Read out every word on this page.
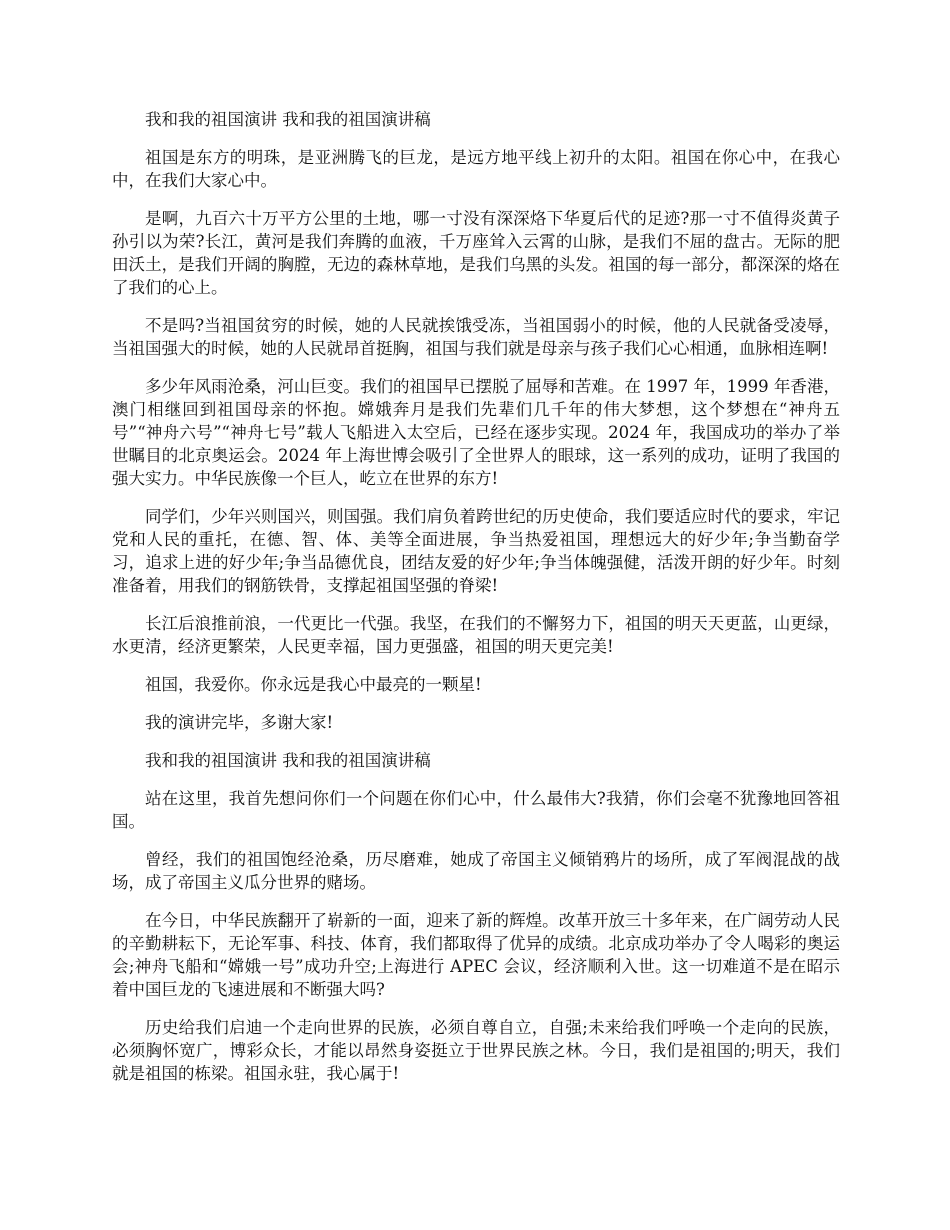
我和我的祖国演讲 我和我的祖国演讲稿

祖国是东方的明珠，是亚洲腾飞的巨龙，是远方地平线上初升的太阳。祖国在你心中，在我心中，在我们大家心中。

是啊，九百六十万平方公里的土地，哪一寸没有深深烙下华夏后代的足迹?那一寸不值得炎黄子孙引以为荣?长江，黄河是我们奔腾的血液，千万座耸入云霄的山脉，是我们不屈的盘古。无际的肥田沃土，是我们开阔的胸膛，无边的森林草地，是我们乌黑的头发。祖国的每一部分，都深深的烙在了我们的心上。

不是吗?当祖国贫穷的时候，她的人民就挨饿受冻，当祖国弱小的时候，他的人民就备受凌辱，当祖国强大的时候，她的人民就昂首挺胸，祖国与我们就是母亲与孩子我们心心相通，血脉相连啊!

多少年风雨沧桑，河山巨变。我们的祖国早已摆脱了屈辱和苦难。在 1997 年，1999 年香港，澳门相继回到祖国母亲的怀抱。嫦娥奔月是我们先辈们几千年的伟大梦想，这个梦想在“神舟五号”“神舟六号”“神舟七号”载人飞船进入太空后，已经在逐步实现。2024 年，我国成功的举办了举世瞩目的北京奥运会。2024 年上海世博会吸引了全世界人的眼球，这一系列的成功，证明了我国的强大实力。中华民族像一个巨人，屹立在世界的东方!

同学们，少年兴则国兴，则国强。我们肩负着跨世纪的历史使命，我们要适应时代的要求，牢记党和人民的重托，在德、智、体、美等全面进展，争当热爱祖国，理想远大的好少年;争当勤奋学习，追求上进的好少年;争当品德优良，团结友爱的好少年;争当体魄强健，活泼开朗的好少年。时刻准备着，用我们的钢筋铁骨，支撑起祖国坚强的脊梁!

长江后浪推前浪，一代更比一代强。我坚，在我们的不懈努力下，祖国的明天天更蓝，山更绿，水更清，经济更繁荣，人民更幸福，国力更强盛，祖国的明天更完美!

祖国，我爱你。你永远是我心中最亮的一颗星!

我的演讲完毕，多谢大家!

我和我的祖国演讲 我和我的祖国演讲稿

站在这里，我首先想问你们一个问题在你们心中，什么最伟大?我猜，你们会毫不犹豫地回答祖国。

曾经，我们的祖国饱经沧桑，历尽磨难，她成了帝国主义倾销鸦片的场所，成了军阀混战的战场，成了帝国主义瓜分世界的赌场。

在今日，中华民族翻开了崭新的一面，迎来了新的辉煌。改革开放三十多年来，在广阔劳动人民的辛勤耕耘下，无论军事、科技、体育，我们都取得了优异的成绩。北京成功举办了令人喝彩的奥运会;神舟飞船和“嫦娥一号”成功升空;上海进行 APEC 会议，经济顺利入世。这一切难道不是在昭示着中国巨龙的飞速进展和不断强大吗?

历史给我们启迪一个走向世界的民族，必须自尊自立，自强;未来给我们呼唤一个走向的民族，必须胸怀宽广，博彩众长，才能以昂然身姿挺立于世界民族之林。今日，我们是祖国的;明天，我们就是祖国的栋梁。祖国永驻，我心属于!
